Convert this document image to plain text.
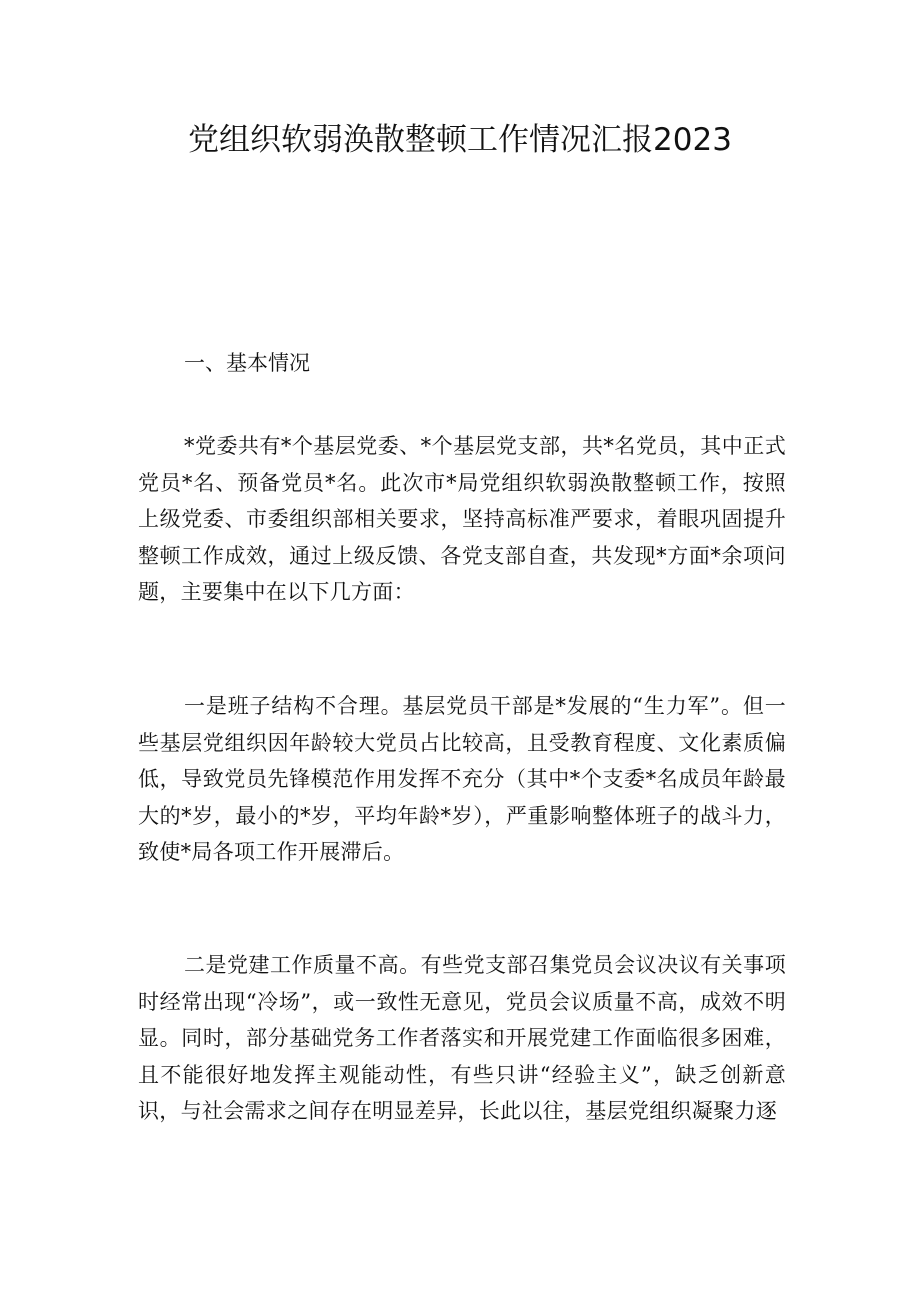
党组织软弱涣散整顿工作情况汇报2023
一、基本情况

*党委共有*个基层党委、*个基层党支部，共*名党员，其中正式党员*名、预备党员*名。此次市*局党组织软弱涣散整顿工作，按照上级党委、市委组织部相关要求，坚持高标准严要求，着眼巩固提升整顿工作成效，通过上级反馈、各党支部自查，共发现*方面*余项问题，主要集中在以下几方面：

一是班子结构不合理。基层党员干部是*发展的“生力军”。但一些基层党组织因年龄较大党员占比较高，且受教育程度、文化素质偏低，导致党员先锋模范作用发挥不充分（其中*个支委*名成员年龄最大的*岁，最小的*岁，平均年龄*岁），严重影响整体班子的战斗力，致使*局各项工作开展滞后。

二是党建工作质量不高。有些党支部召集党员会议决议有关事项时经常出现“冷场”，或一致性无意见，党员会议质量不高，成效不明显。同时，部分基础党务工作者落实和开展党建工作面临很多困难，且不能很好地发挥主观能动性，有些只讲“经验主义”，缺乏创新意识，与社会需求之间存在明显差异，长此以往，基层党组织凝聚力逐
